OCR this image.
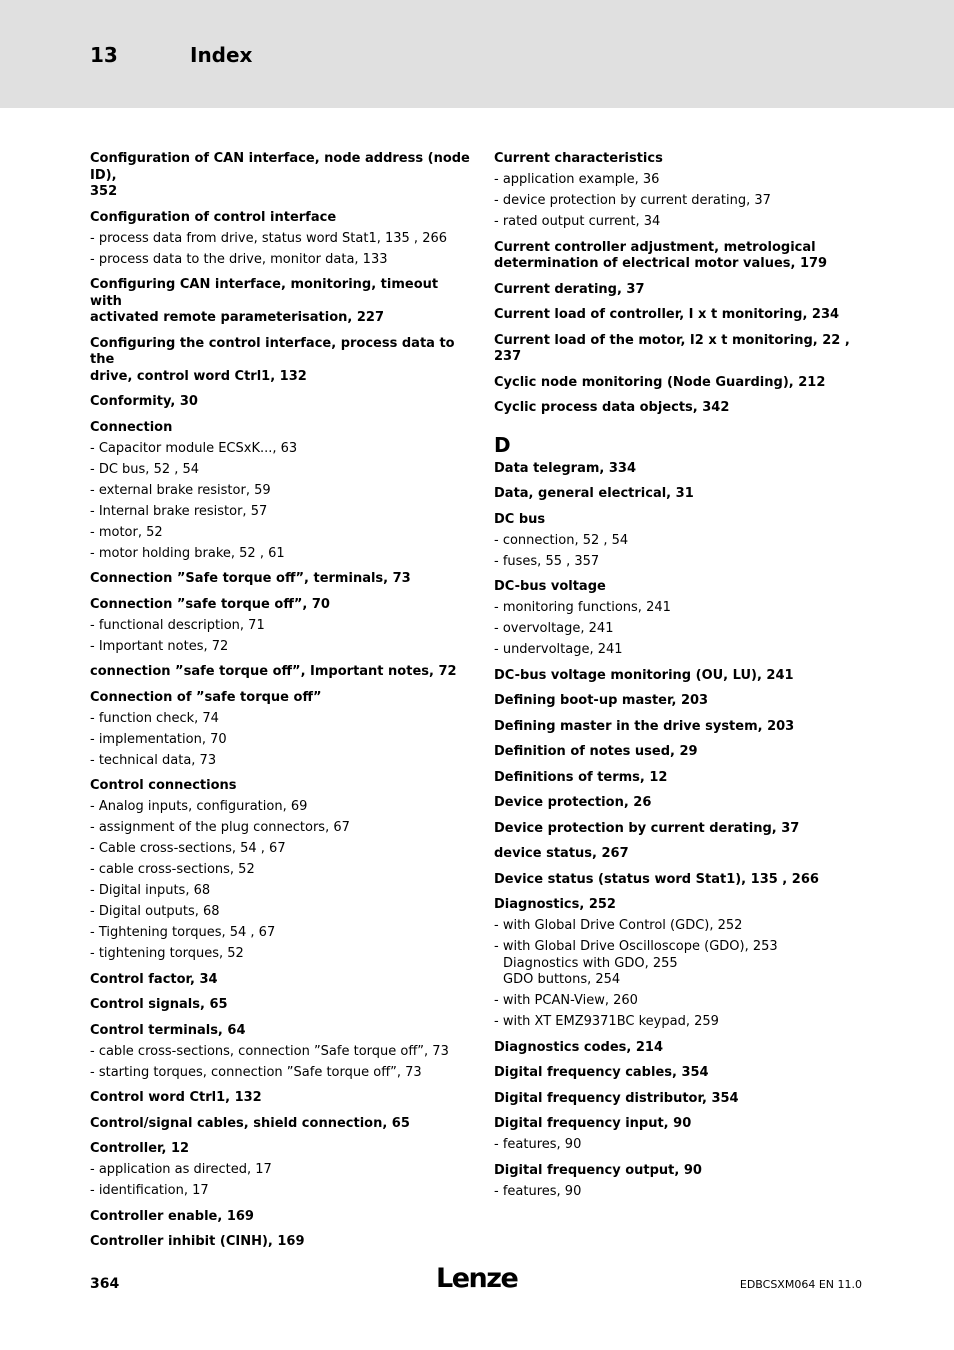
13	Index
Configuration of CAN interface, node address (node ID),
352
Configuration of control interface
- process data from drive, status word Stat1, 135 , 266
- process data to the drive, monitor data, 133
Configuring CAN interface, monitoring, timeout with
activated remote parameterisation, 227
Configuring the control interface, process data to the
drive, control word Ctrl1, 132
Conformity, 30
Connection
- Capacitor module ECSxK..., 63
- DC bus, 52 , 54
- external brake resistor, 59
- Internal brake resistor, 57
- motor, 52
- motor holding brake, 52 , 61
Connection ”Safe torque off”, terminals, 73
Connection ”safe torque off”, 70
- functional description, 71
- Important notes, 72
connection ”safe torque off”, Important notes, 72
Connection of ”safe torque off”
- function check, 74
- implementation, 70
- technical data, 73
Control connections
- Analog inputs, configuration, 69
- assignment of the plug connectors, 67
- Cable cross-sections, 54 , 67
- cable cross-sections, 52
- Digital inputs, 68
- Digital outputs, 68
- Tightening torques, 54 , 67
- tightening torques, 52
Control factor, 34
Control signals, 65
Control terminals, 64
- cable cross-sections, connection ”Safe torque off”, 73
- starting torques, connection ”Safe torque off”, 73
Control word Ctrl1, 132
Control/signal cables, shield connection, 65
Controller, 12
- application as directed, 17
- identification, 17
Controller enable, 169
Controller inhibit (CINH), 169
Current characteristics
- application example, 36
- device protection by current derating, 37
- rated output current, 34
Current controller adjustment, metrological
determination of electrical motor values, 179
Current derating, 37
Current load of controller, I x t monitoring, 234
Current load of the motor, I2 x t monitoring, 22 , 237
Cyclic node monitoring (Node Guarding), 212
Cyclic process data objects, 342
D
Data telegram, 334
Data, general electrical, 31
DC bus
- connection, 52 , 54
- fuses, 55 , 357
DC-bus voltage
- monitoring functions, 241
- overvoltage, 241
- undervoltage, 241
DC-bus voltage monitoring (OU, LU), 241
Defining boot-up master, 203
Defining master in the drive system, 203
Definition of notes used, 29
Definitions of terms, 12
Device protection, 26
Device protection by current derating, 37
device status, 267
Device status (status word Stat1), 135 , 266
Diagnostics, 252
- with Global Drive Control (GDC), 252
- with Global Drive Oscilloscope (GDO), 253
Diagnostics with GDO, 255
GDO buttons, 254
- with PCAN-View, 260
- with XT EMZ9371BC keypad, 259
Diagnostics codes, 214
Digital frequency cables, 354
Digital frequency distributor, 354
Digital frequency input, 90
- features, 90
Digital frequency output, 90
- features, 90
364	Lenze	EDBCSXM064 EN 11.0
